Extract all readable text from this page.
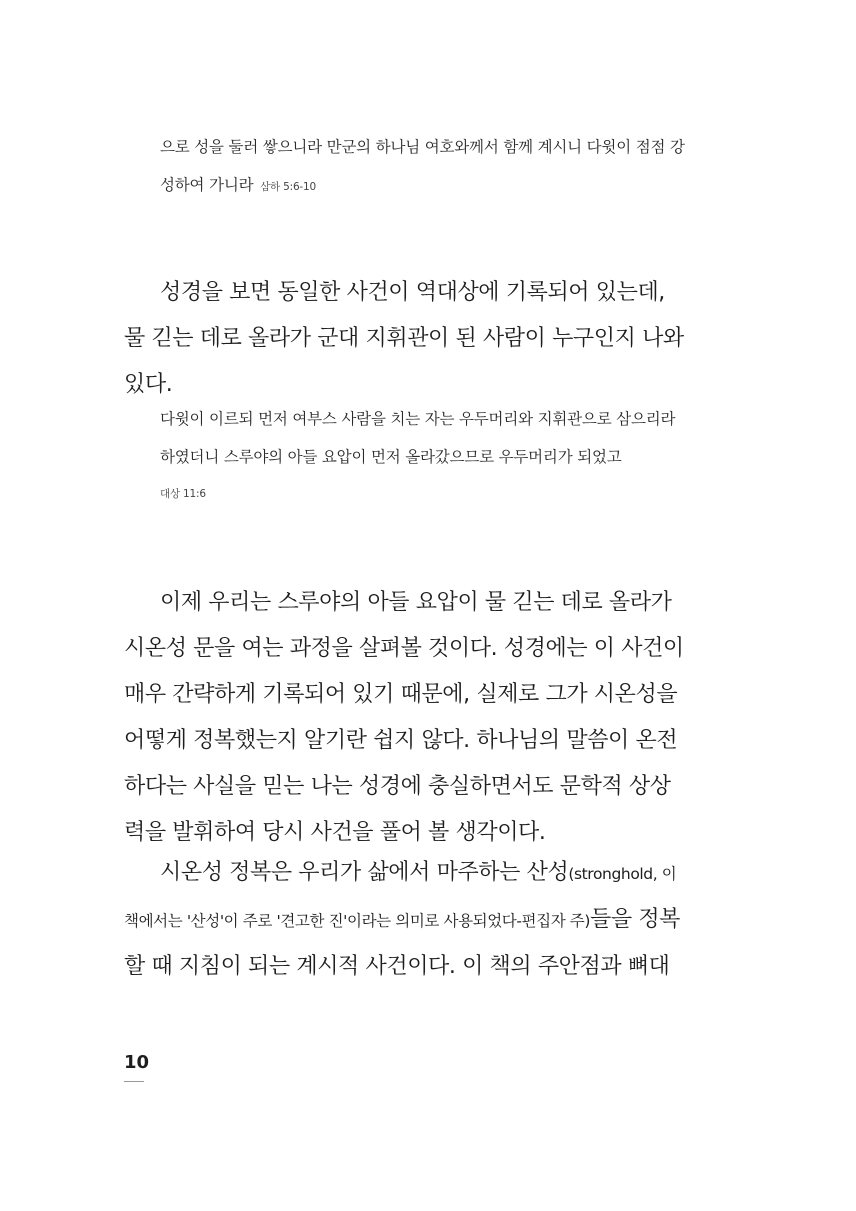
으로 성을 둘러 쌓으니라 만군의 하나님 여호와께서 함께 계시니 다윗이 점점 강성하여 가니라 삼하 5:6-10

성경을 보면 동일한 사건이 역대상에 기록되어 있는데, 물 긷는 데로 올라가 군대 지휘관이 된 사람이 누구인지 나와 있다.

다윗이 이르되 먼저 여부스 사람을 치는 자는 우두머리와 지휘관으로 삼으리라 하였더니 스루야의 아들 요압이 먼저 올라갔으므로 우두머리가 되었고
대상 11:6

이제 우리는 스루야의 아들 요압이 물 긷는 데로 올라가 시온성 문을 여는 과정을 살펴볼 것이다. 성경에는 이 사건이 매우 간략하게 기록되어 있기 때문에, 실제로 그가 시온성을 어떻게 정복했는지 알기란 쉽지 않다. 하나님의 말씀이 온전하다는 사실을 믿는 나는 성경에 충실하면서도 문학적 상상력을 발휘하여 당시 사건을 풀어 볼 생각이다.

시온성 정복은 우리가 삶에서 마주하는 산성(stronghold, 이 책에서는 '산성'이 주로 '견고한 진'이라는 의미로 사용되었다-편집자 주)들을 정복할 때 지침이 되는 계시적 사건이다. 이 책의 주안점과 뼈대

10
